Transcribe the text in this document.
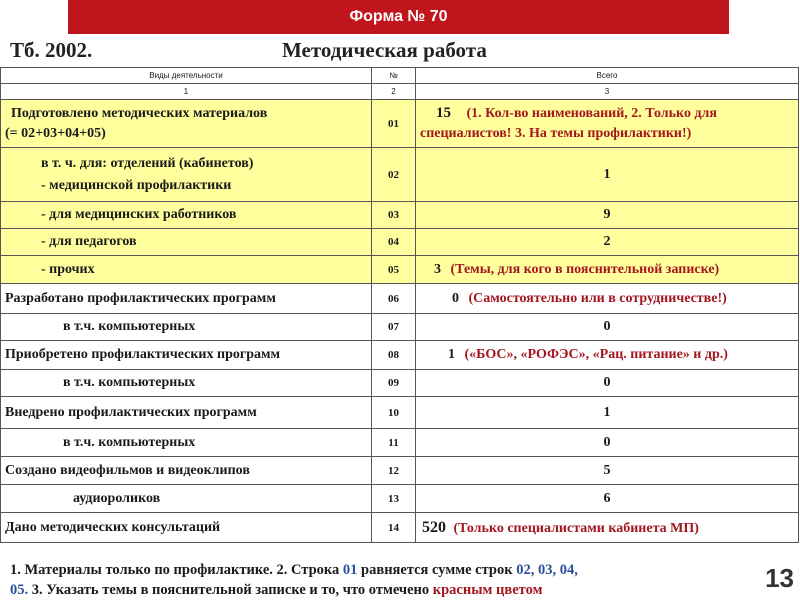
Форма № 70
Тб. 2002.	Методическая работа
Виды деятельности	№	Всего
1	2	3

Подготовлено методических материалов
(= 02+03+04+05)	01	15 (1. Кол-во наименований, 2. Только для специалистов! 3. На темы профилактики!)

в т. ч. для: отделений (кабинетов)
- медицинской профилактики	02	1
- для медицинских работников	03	9
- для педагогов	04	2
- прочих	05	3 (Темы, для кого в пояснительной записке)
Разработано профилактических программ	06	0 (Самостоятельно или в сотрудничестве!)
в т.ч. компьютерных	07	0
Приобретено профилактических программ	08	1 («БОС», «РОФЭС», «Рац. питание» и др.)
в т.ч. компьютерных	09	0
Внедрено профилактических программ	10	1
в т.ч. компьютерных	11	0
Создано видеофильмов и видеоклипов	12	5
аудиороликов	13	6
Дано методических консультаций	14	520 (Только специалистами кабинета МП)
1. Материалы только по профилактике. 2. Строка 01 равняется сумме строк 02, 03, 04,
05. 3. Указать темы в пояснительной записке и то, что отмечено красным цветом	13
